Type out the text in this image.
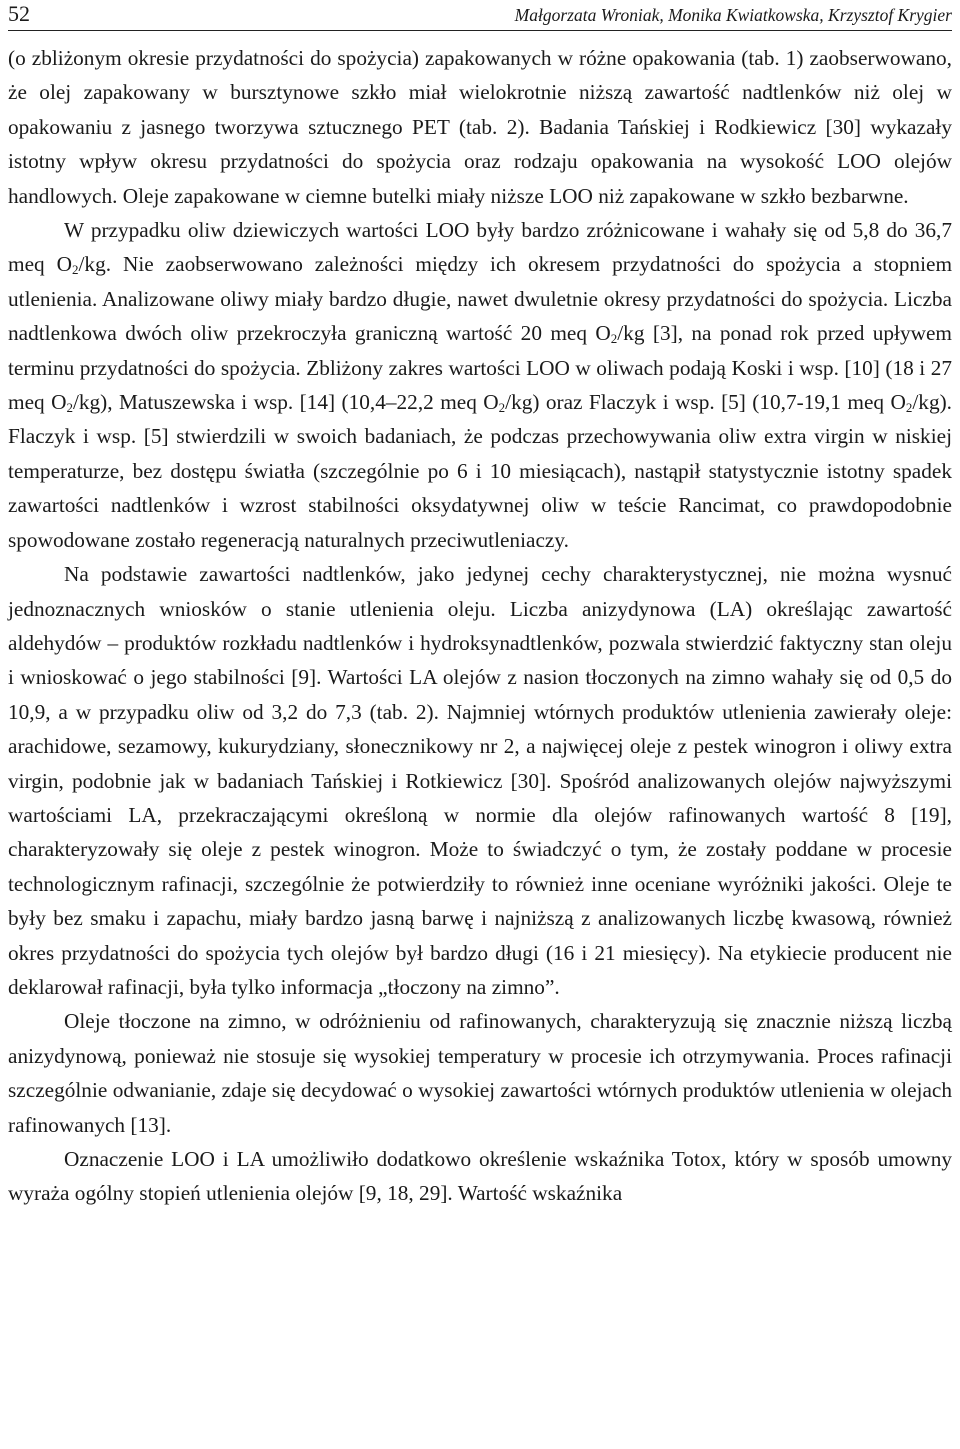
52	Małgorzata Wroniak, Monika Kwiatkowska, Krzysztof Krygier

(o zbliżonym okresie przydatności do spożycia) zapakowanych w różne opakowania (tab. 1) zaobserwowano, że olej zapakowany w bursztynowe szkło miał wielokrotnie niższą zawartość nadtlenków niż olej w opakowaniu z jasnego tworzywa sztucznego PET (tab. 2). Badania Tańskiej i Rodkiewicz [30] wykazały istotny wpływ okresu przydatności do spożycia oraz rodzaju opakowania na wysokość LOO olejów handlowych. Oleje zapakowane w ciemne butelki miały niższe LOO niż zapakowane w szkło bezbarwne.

W przypadku oliw dziewiczych wartości LOO były bardzo zróżnicowane i wahały się od 5,8 do 36,7 meq $O_2/kg$. Nie zaobserwowano zależności między ich okresem przydatności do spożycia a stopniem utlenienia. Analizowane oliwy miały bardzo długie, nawet dwuletnie okresy przydatności do spożycia. Liczba nadtlenkowa dwóch oliw przekroczyła graniczną wartość 20 meq $O_2/kg$ [3], na ponad rok przed upływem terminu przydatności do spożycia. Zbliżony zakres wartości LOO w oliwach podają Koski i wsp. [10] (18 i 27 meq $O_2/kg$), Matuszewska i wsp. [14] (10,4–22,2 meq $O_2/kg$) oraz Flaczyk i wsp. [5] (10,7-19,1 meq $O_2/kg$). Flaczyk i wsp. [5] stwierdzili w swoich badaniach, że podczas przechowywania oliw extra virgin w niskiej temperaturze, bez dostępu światła (szczególnie po 6 i 10 miesiącach), nastąpił statystycznie istotny spadek zawartości nadtlenków i wzrost stabilności oksydatywnej oliw w teście Rancimat, co prawdopodobnie spowodowane zostało regeneracją naturalnych przeciwutleniaczy.

Na podstawie zawartości nadtlenków, jako jedynej cechy charakterystycznej, nie można wysnuć jednoznacznych wniosków o stanie utlenienia oleju. Liczba anizydynowa (LA) określając zawartość aldehydów – produktów rozkładu nadtlenków i hydroksynadtlenków, pozwala stwierdzić faktyczny stan oleju i wnioskować o jego stabilności [9]. Wartości LA olejów z nasion tłoczonych na zimno wahały się od 0,5 do 10,9, a w przypadku oliw od 3,2 do 7,3 (tab. 2). Najmniej wtórnych produktów utlenienia zawierały oleje: arachidowe, sezamowy, kukurydziany, słonecznikowy nr 2, a najwięcej oleje z pestek winogron i oliwy extra virgin, podobnie jak w badaniach Tańskiej i Rotkiewicz [30]. Spośród analizowanych olejów najwyższymi wartościami LA, przekraczającymi określoną w normie dla olejów rafinowanych wartość 8 [19], charakteryzowały się oleje z pestek winogron. Może to świadczyć o tym, że zostały poddane w procesie technologicznym rafinacji, szczególnie że potwierdziły to również inne oceniane wyróżniki jakości. Oleje te były bez smaku i zapachu, miały bardzo jasną barwę i najniższą z analizowanych liczbę kwasową, również okres przydatności do spożycia tych olejów był bardzo długi (16 i 21 miesięcy). Na etykiecie producent nie deklarował rafinacji, była tylko informacja „tłoczony na zimno”.

Oleje tłoczone na zimno, w odróżnieniu od rafinowanych, charakteryzują się znacznie niższą liczbą anizydynową, ponieważ nie stosuje się wysokiej temperatury w procesie ich otrzymywania. Proces rafinacji szczególnie odwanianie, zdaje się decydować o wysokiej zawartości wtórnych produktów utlenienia w olejach rafinowanych [13].

Oznaczenie LOO i LA umożliwiło dodatkowo określenie wskaźnika Totox, który w sposób umowny wyraża ogólny stopień utlenienia olejów [9, 18, 29]. Wartość wskaźnika
